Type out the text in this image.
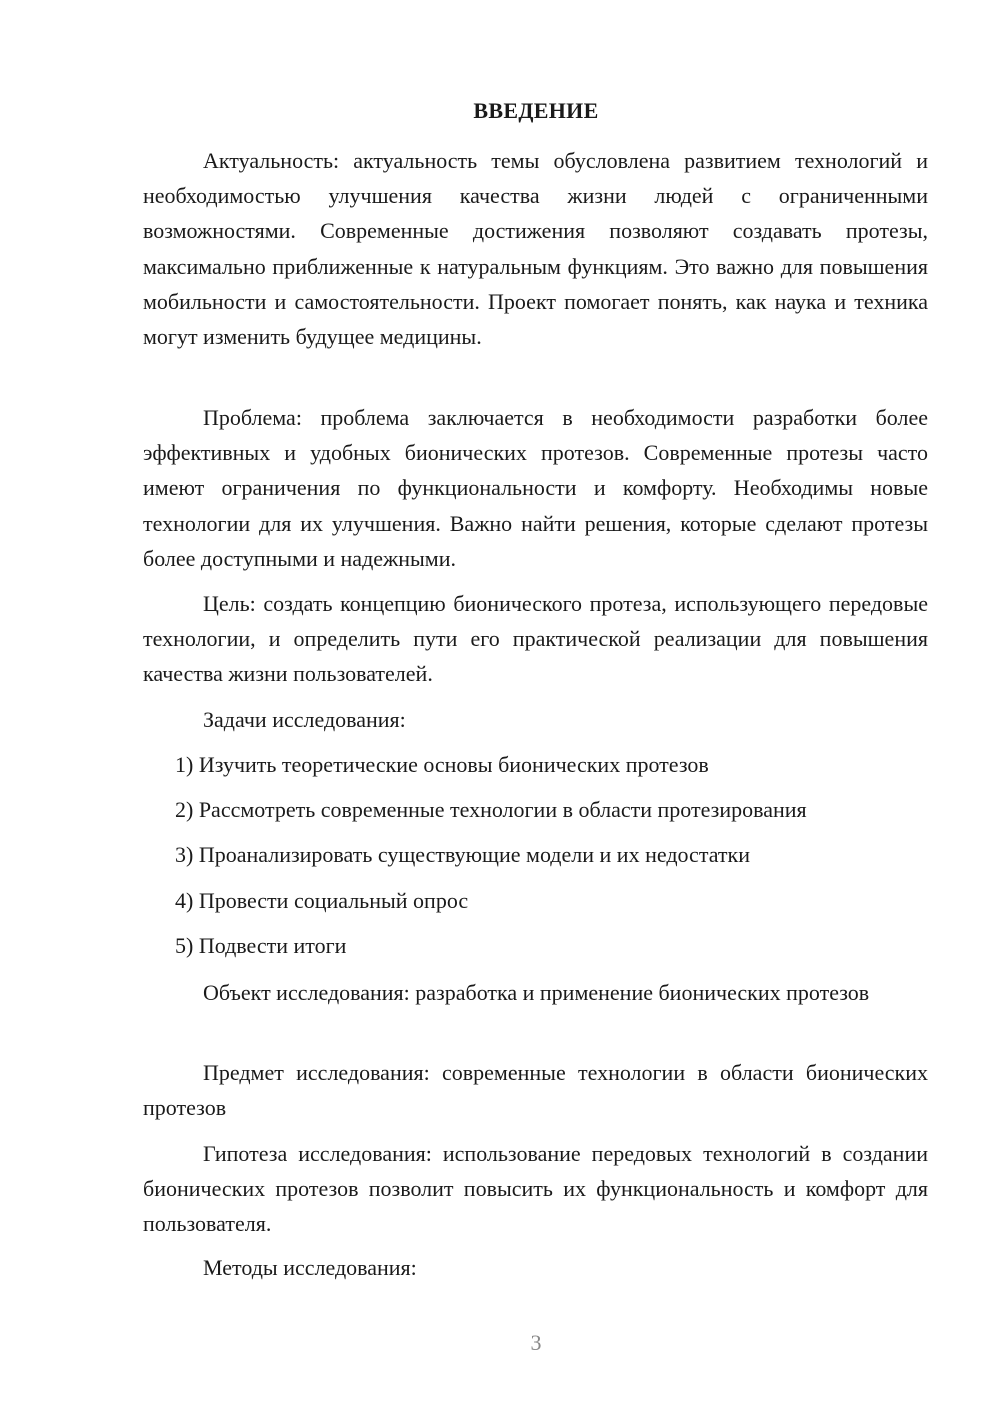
ВВЕДЕНИЕ

Актуальность: актуальность темы обусловлена развитием технологий и необходимостью улучшения качества жизни людей с ограниченными возможностями. Современные достижения позволяют создавать протезы, максимально приближенные к натуральным функциям. Это важно для повышения мобильности и самостоятельности. Проект помогает понять, как наука и техника могут изменить будущее медицины.

Проблема: проблема заключается в необходимости разработки более эффективных и удобных бионических протезов. Современные протезы часто имеют ограничения по функциональности и комфорту. Необходимы новые технологии для их улучшения. Важно найти решения, которые сделают протезы более доступными и надежными.

Цель: создать концепцию бионического протеза, использующего передовые технологии, и определить пути его практической реализации для повышения качества жизни пользователей.

Задачи исследования:
1) Изучить теоретические основы бионических протезов
2) Рассмотреть современные технологии в области протезирования
3) Проанализировать существующие модели и их недостатки
4) Провести социальный опрос
5) Подвести итоги

Объект исследования: разработка и применение бионических протезов

Предмет исследования: современные технологии в области бионических протезов

Гипотеза исследования: использование передовых технологий в создании бионических протезов позволит повысить их функциональность и комфорт для пользователя.

Методы исследования:
3
